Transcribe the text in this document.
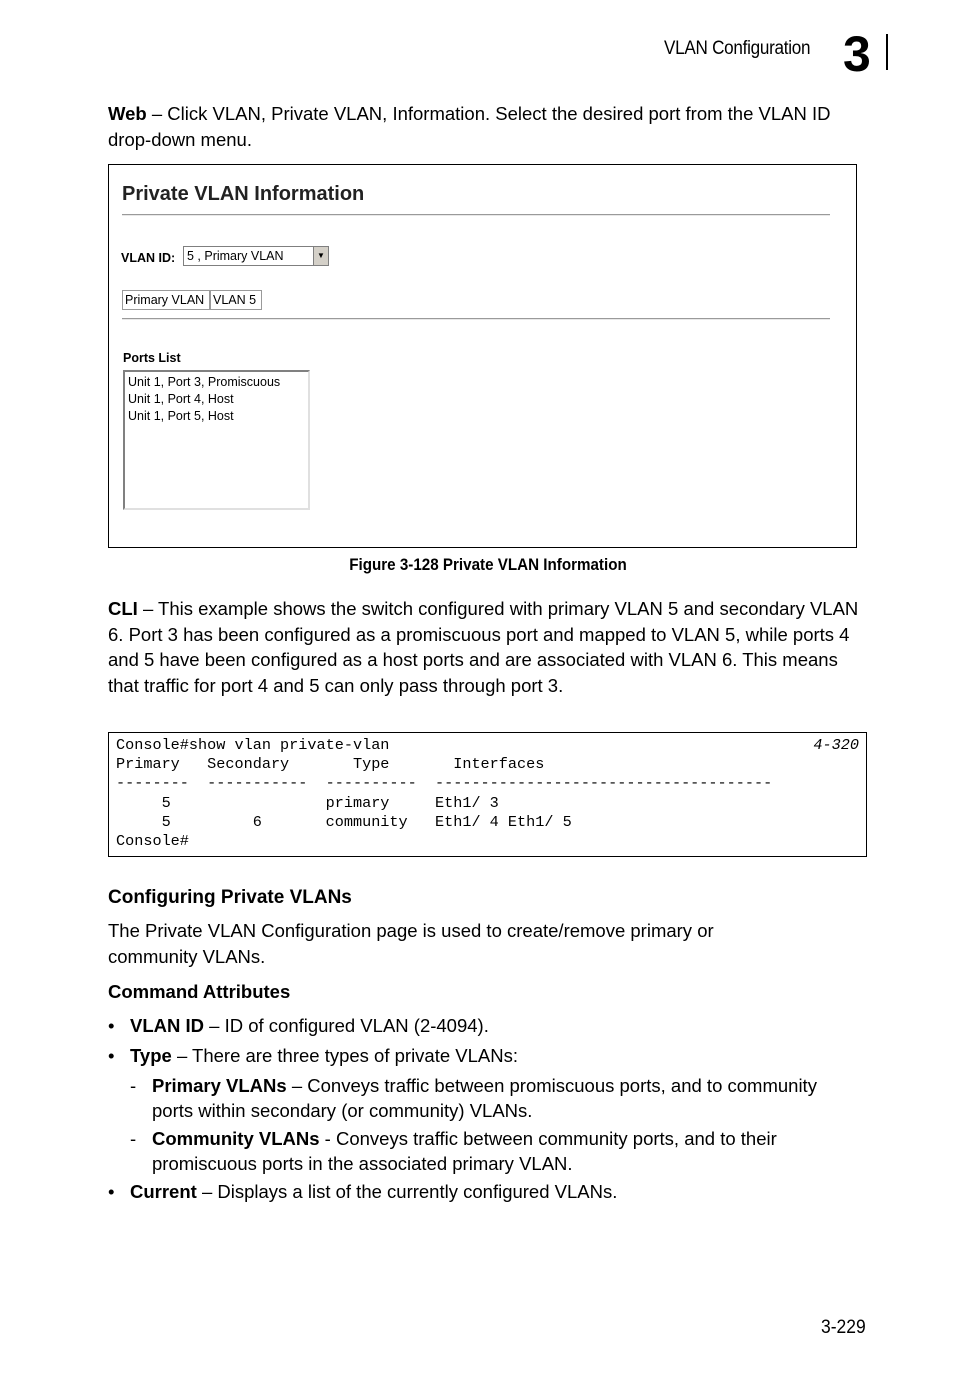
VLAN Configuration 3
Web – Click VLAN, Private VLAN, Information. Select the desired port from the VLAN ID drop-down menu.
Private VLAN Information
VLAN ID: 5 , Primary VLAN	▼
Primary VLAN VLAN 5
Ports List
Unit 1, Port 3, Promiscuous
Unit 1, Port 4, Host
Unit 1, Port 5, Host
Figure 3-128 Private VLAN Information
CLI – This example shows the switch configured with primary VLAN 5 and secondary VLAN 6. Port 3 has been configured as a promiscuous port and mapped to VLAN 5, while ports 4 and 5 have been configured as a host ports and are associated with VLAN 6. This means that traffic for port 4 and 5 can only pass through port 3.
Console#show vlan private-vlan	4-320
Primary   Secondary       Type       Interfaces
--------  -----------  ----------  -------------------------------------
5                 primary     Eth1/ 3
5         6       community   Eth1/ 4 Eth1/ 5
Console#
Configuring Private VLANs
The Private VLAN Configuration page is used to create/remove primary or community VLANs.
Command Attributes
• VLAN ID – ID of configured VLAN (2-4094).
• Type – There are three types of private VLANs:
- Primary VLANs – Conveys traffic between promiscuous ports, and to community ports within secondary (or community) VLANs.
- Community VLANs - Conveys traffic between community ports, and to their promiscuous ports in the associated primary VLAN.
• Current – Displays a list of the currently configured VLANs.
3-229
